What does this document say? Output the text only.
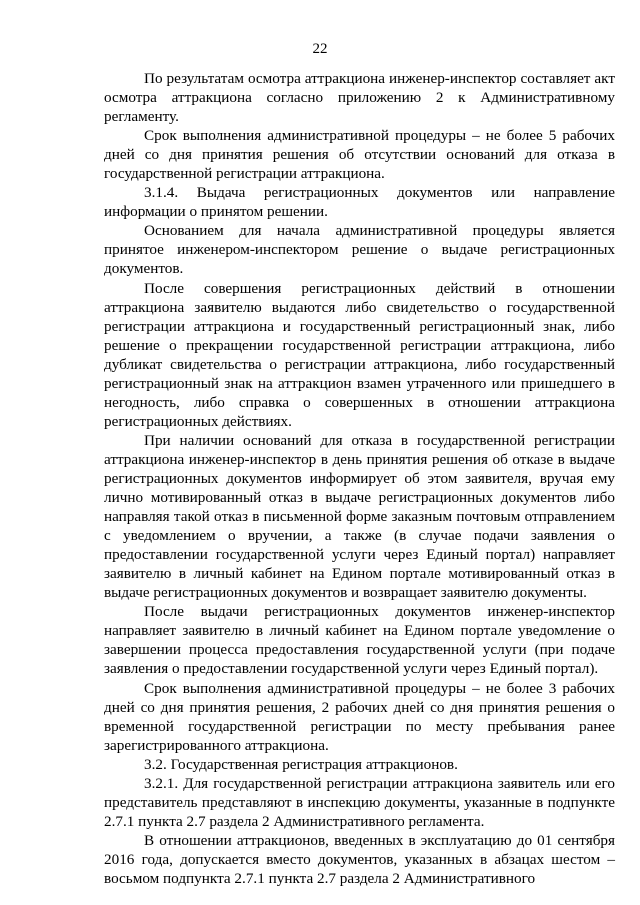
22

По результатам осмотра аттракциона инженер-инспектор составляет акт осмотра аттракциона согласно приложению 2 к Административному регламенту.

Срок выполнения административной процедуры – не более 5 рабочих дней со дня принятия решения об отсутствии оснований для отказа в государственной регистрации аттракциона.

3.1.4. Выдача регистрационных документов или направление информации о принятом решении.

Основанием для начала административной процедуры является принятое инженером-инспектором решение о выдаче регистрационных документов.

После совершения регистрационных действий в отношении аттракциона заявителю выдаются либо свидетельство о государственной регистрации аттракциона и государственный регистрационный знак, либо решение о прекращении государственной регистрации аттракциона, либо дубликат свидетельства о регистрации аттракциона, либо государственный регистрационный знак на аттракцион взамен утраченного или пришедшего в негодность, либо справка о совершенных в отношении аттракциона регистрационных действиях.

При наличии оснований для отказа в государственной регистрации аттракциона инженер-инспектор в день принятия решения об отказе в выдаче регистрационных документов информирует об этом заявителя, вручая ему лично мотивированный отказ в выдаче регистрационных документов либо направляя такой отказ в письменной форме заказным почтовым отправлением с уведомлением о вручении, а также (в случае подачи заявления о предоставлении государственной услуги через Единый портал) направляет заявителю в личный кабинет на Едином портале мотивированный отказ в выдаче регистрационных документов и возвращает заявителю документы.

После выдачи регистрационных документов инженер-инспектор направляет заявителю в личный кабинет на Едином портале уведомление о завершении процесса предоставления государственной услуги (при подаче заявления о предоставлении государственной услуги через Единый портал).

Срок выполнения административной процедуры – не более 3 рабочих дней со дня принятия решения, 2 рабочих дней со дня принятия решения о временной государственной регистрации по месту пребывания ранее зарегистрированного аттракциона.

3.2. Государственная регистрация аттракционов.

3.2.1. Для государственной регистрации аттракциона заявитель или его представитель представляют в инспекцию документы, указанные в подпункте 2.7.1 пункта 2.7 раздела 2 Административного регламента.

В отношении аттракционов, введенных в эксплуатацию до 01 сентября 2016 года, допускается вместо документов, указанных в абзацах шестом – восьмом подпункта 2.7.1 пункта 2.7 раздела 2 Административного
